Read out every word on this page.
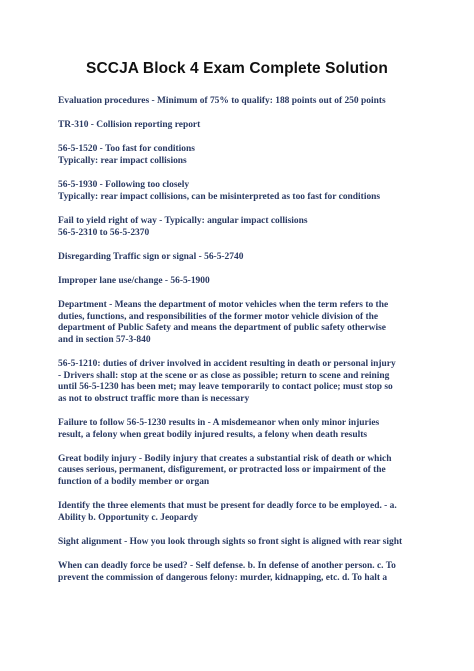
SCCJA Block 4 Exam Complete Solution
Evaluation procedures - Minimum of 75% to qualify: 188 points out of 250 points
TR-310 - Collision reporting report
56-5-1520 - Too fast for conditions
Typically: rear impact collisions
56-5-1930 - Following too closely
Typically: rear impact collisions, can be misinterpreted as too fast for conditions
Fail to yield right of way - Typically: angular impact collisions
56-5-2310 to 56-5-2370
Disregarding Traffic sign or signal - 56-5-2740
Improper lane use/change - 56-5-1900
Department - Means the department of motor vehicles when the term refers to the
duties, functions, and responsibilities of the former motor vehicle division of the
department of Public Safety and means the department of public safety otherwise
and in section 57-3-840
56-5-1210: duties of driver involved in accident resulting in death or personal injury
- Drivers shall: stop at the scene or as close as possible; return to scene and reining
until 56-5-1230 has been met; may leave temporarily to contact police; must stop so
as not to obstruct traffic more than is necessary
Failure to follow 56-5-1230 results in - A misdemeanor when only minor injuries
result, a felony when great bodily injured results, a felony when death results
Great bodily injury - Bodily injury that creates a substantial risk of death or which
causes serious, permanent, disfigurement, or protracted loss or impairment of the
function of a bodily member or organ
Identify the three elements that must be present for deadly force to be employed. - a.
Ability b. Opportunity c. Jeopardy
Sight alignment - How you look through sights so front sight is aligned with rear sight
When can deadly force be used? - Self defense. b. In defense of another person. c. To
prevent the commission of dangerous felony: murder, kidnapping, etc. d. To halt a
